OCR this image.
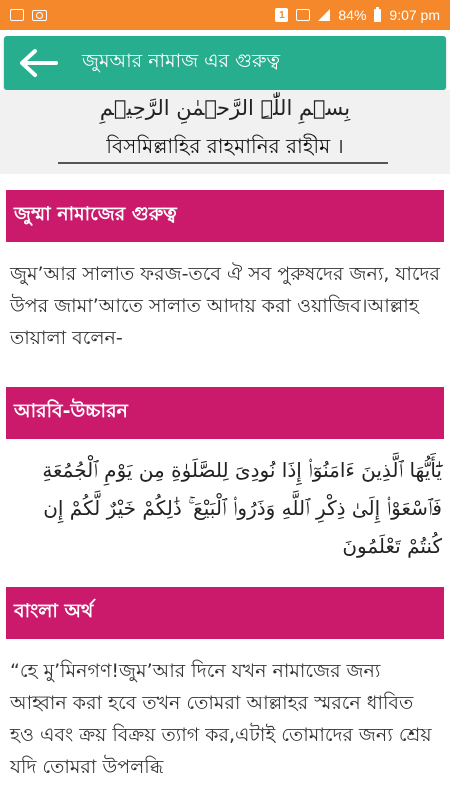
1	84% 9:07 pm
জুমআর নামাজ এর গুরুত্ব
بِسۡمِ اللّٰہِ الرَّحۡمٰنِ الرَّحِیۡمِ
বিসমিল্লাহির রাহমানির রাহীম ।
জুম্মা নামাজের গুরুত্ব
জুম’আর সালাত ফরজ-তবে ঐ সব পুরুষদের জন্য, যাদের উপর জামা’আতে সালাত আদায় করা ওয়াজিব।আল্লাহ তায়ালা বলেন-
আরবি-উচ্চারন
يَٰٓأَيُّهَا ٱلَّذِينَ ءَامَنُوٓا۟ إِذَا نُودِىَ لِلصَّلَوٰةِ مِن يَوْمِ ٱلْجُمُعَةِ فَٱسْعَوْا۟ إِلَىٰ ذِكْرِ ٱللَّهِ وَذَرُوا۟ ٱلْبَيْعَ ۚ ذَٰلِكُمْ خَيْرٌ لَّكُمْ إِن كُنتُمْ تَعْلَمُونَ
বাংলা অর্থ
“হে মু’মিনগণ!জুম’আর দিনে যখন নামাজের জন্য আহ্বান করা হবে তখন তোমরা আল্লাহর স্মরনে ধাবিত হও এবং ক্রয় বিক্রয় ত্যাগ কর,এটাই তোমাদের জন্য শ্রেয় যদি তোমরা উপলব্ধি
